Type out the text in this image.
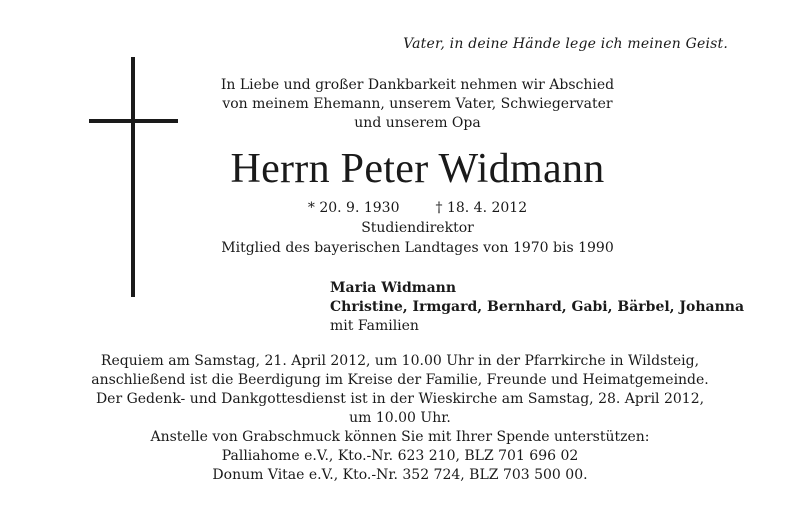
Vater, in deine Hände lege ich meinen Geist.
In Liebe und großer Dankbarkeit nehmen wir Abschied
von meinem Ehemann, unserem Vater, Schwiegervater
und unserem Opa
Herrn Peter Widmann
* 20. 9. 1930	† 18. 4. 2012
Studiendirektor
Mitglied des bayerischen Landtages von 1970 bis 1990
Maria Widmann
Christine, Irmgard, Bernhard, Gabi, Bärbel, Johanna
mit Familien
Requiem am Samstag, 21. April 2012, um 10.00 Uhr in der Pfarrkirche in Wildsteig,
anschließend ist die Beerdigung im Kreise der Familie, Freunde und Heimatgemeinde.
Der Gedenk- und Dankgottesdienst ist in der Wieskirche am Samstag, 28. April 2012,
um 10.00 Uhr.
Anstelle von Grabschmuck können Sie mit Ihrer Spende unterstützen:
Palliahome e.V., Kto.-Nr. 623 210, BLZ 701 696 02
Donum Vitae e.V., Kto.-Nr. 352 724, BLZ 703 500 00.
